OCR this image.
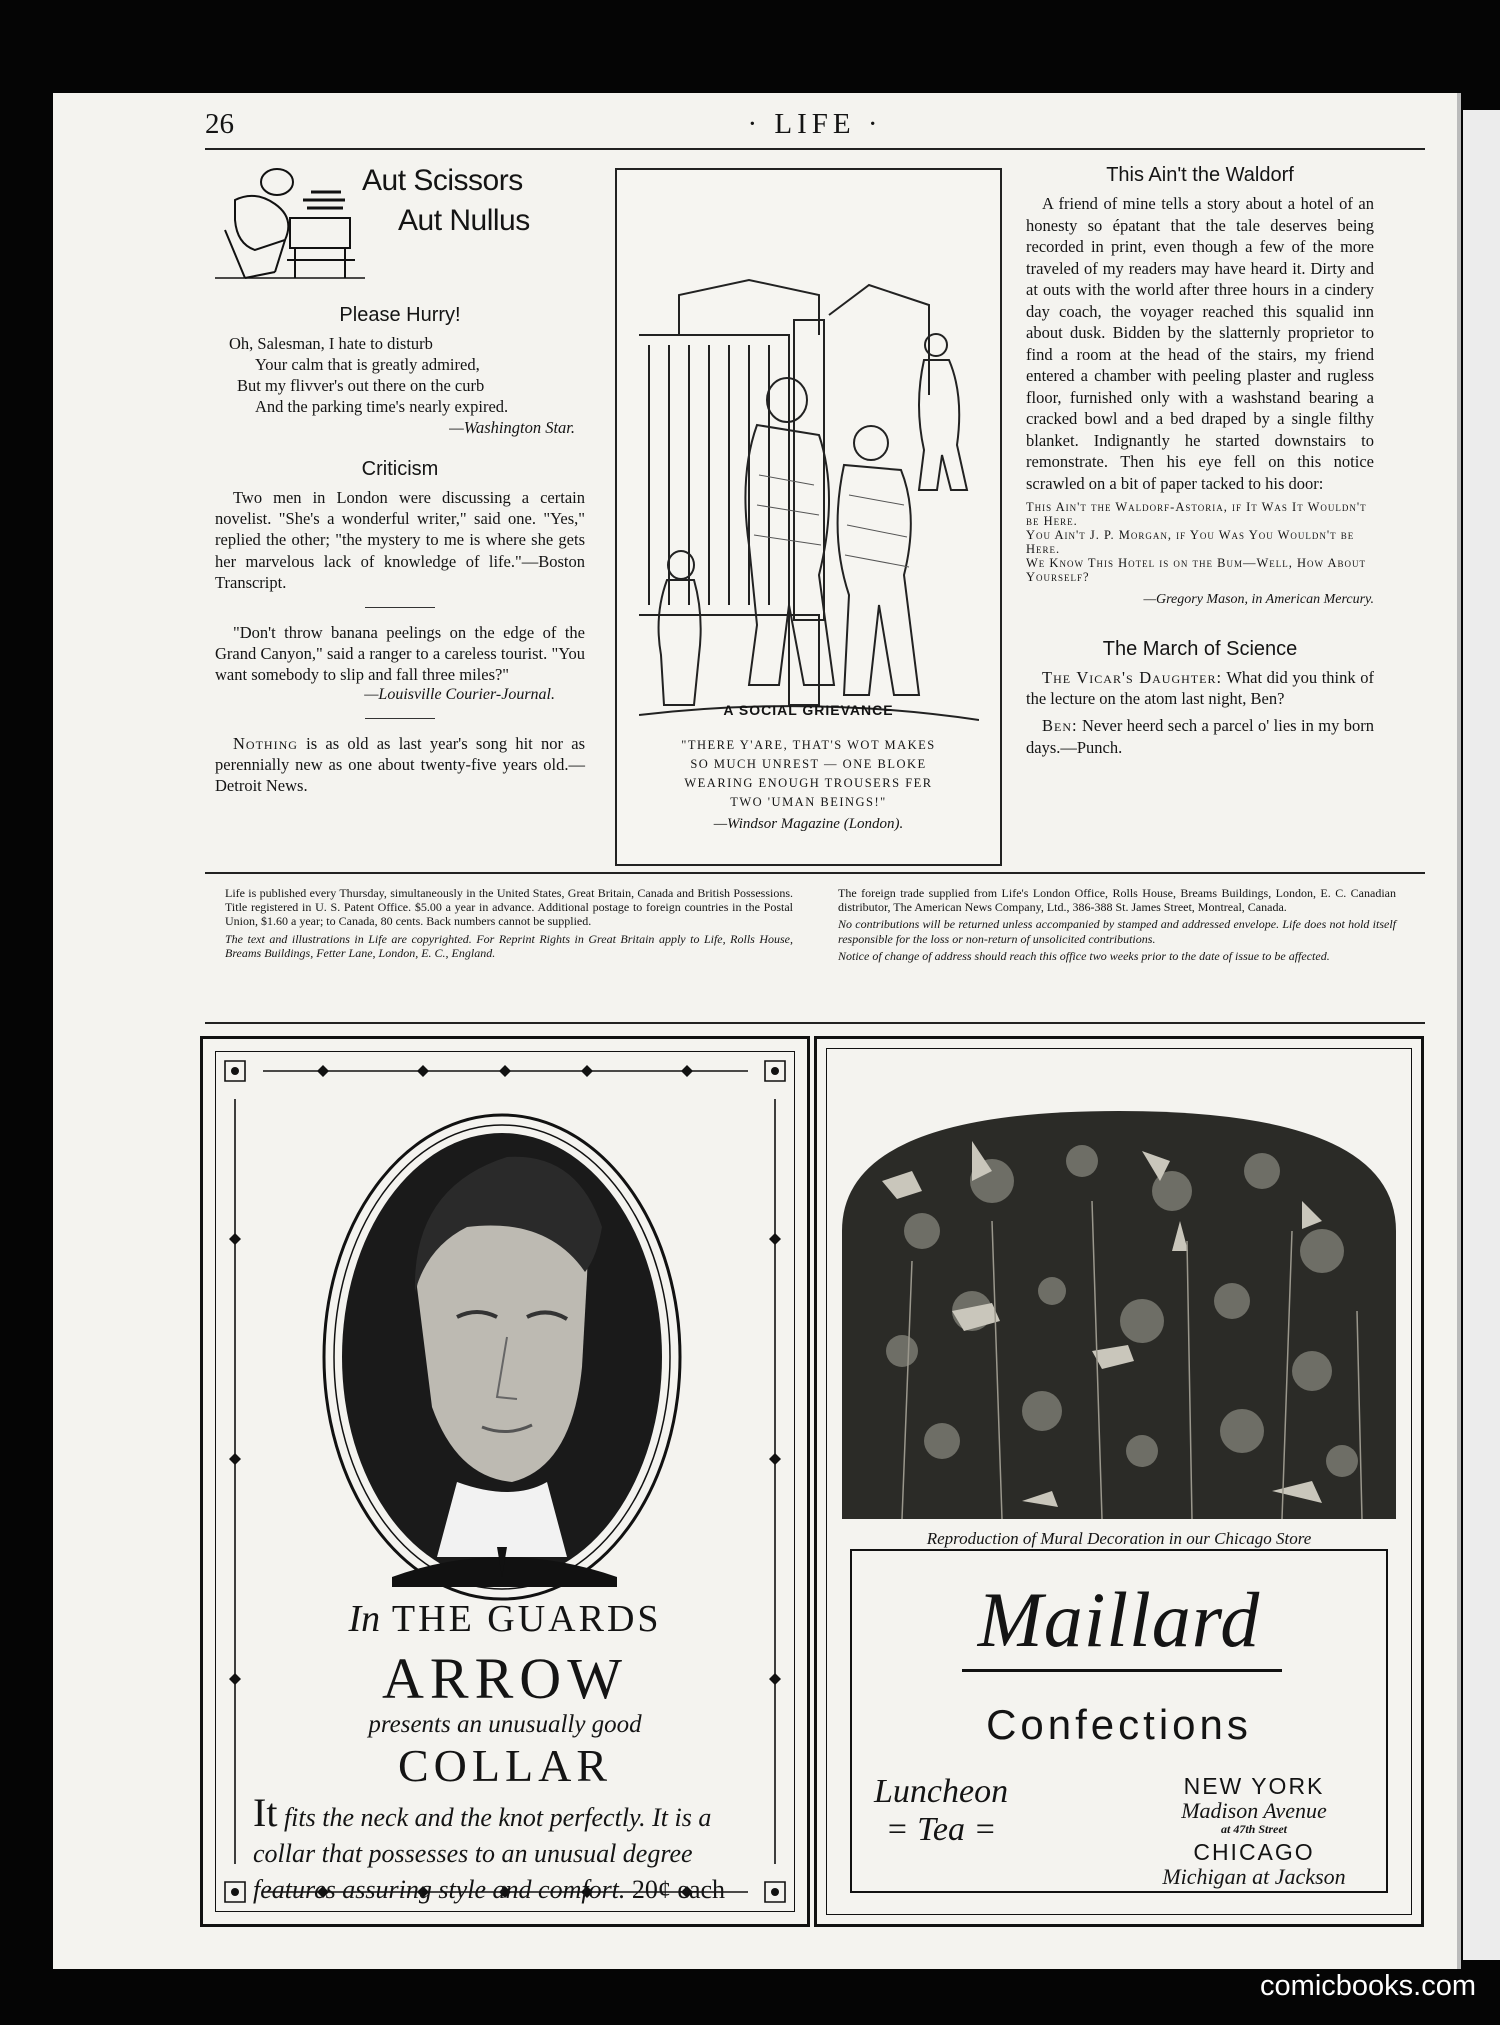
26	· LIFE ·
Aut Scissors
Aut Nullus
Please Hurry!
Oh, Salesman, I hate to disturb
Your calm that is greatly admired,
But my flivver's out there on the curb
And the parking time's nearly expired.
—Washington Star.
Criticism

Two men in London were discussing a certain novelist. "She's a wonderful writer," said one. "Yes," replied the other; "the mystery to me is where she gets her marvelous lack of knowledge of life."—Boston Transcript.

"Don't throw banana peelings on the edge of the Grand Canyon," said a ranger to a careless tourist. "You want somebody to slip and fall three miles?"

—Louisville Courier-Journal.

Nothing is as old as last year's song hit nor as perennially new as one about twenty-five years old.—Detroit News.

A SOCIAL GRIEVANCE
"THERE Y'ARE, THAT'S WOT MAKES
SO MUCH UNREST — ONE BLOKE
WEARING ENOUGH TROUSERS FER
TWO 'UMAN BEINGS!"
—Windsor Magazine (London).
This Ain't the Waldorf

A friend of mine tells a story about a hotel of an honesty so épatant that the tale deserves being recorded in print, even though a few of the more traveled of my readers may have heard it. Dirty and at outs with the world after three hours in a cindery day coach, the voyager reached this squalid inn about dusk. Bidden by the slatternly proprietor to find a room at the head of the stairs, my friend entered a chamber with peeling plaster and rugless floor, furnished only with a washstand bearing a cracked bowl and a bed draped by a single filthy blanket. Indignantly he started downstairs to remonstrate. Then his eye fell on this notice scrawled on a bit of paper tacked to his door:

This Ain't the Waldorf-Astoria, if It Was It Wouldn't be Here.
You Ain't J. P. Morgan, if You Was You Wouldn't be Here.
We Know This Hotel is on the Bum—Well, How About Yourself?
—Gregory Mason, in American Mercury.
The March of Science

The Vicar's Daughter: What did you think of the lecture on the atom last night, Ben?

Ben: Never heerd sech a parcel o' lies in my born days.—Punch.

Life is published every Thursday, simultaneously in the United States, Great Britain, Canada and British Possessions. Title registered in U. S. Patent Office. $5.00 a year in advance. Additional postage to foreign countries in the Postal Union, $1.60 a year; to Canada, 80 cents. Back numbers cannot be supplied.

The text and illustrations in Life are copyrighted. For Reprint Rights in Great Britain apply to Life, Rolls House, Breams Buildings, Fetter Lane, London, E. C., England.

The foreign trade supplied from Life's London Office, Rolls House, Breams Buildings, London, E. C. Canadian distributor, The American News Company, Ltd., 386-388 St. James Street, Montreal, Canada.

No contributions will be returned unless accompanied by stamped and addressed envelope. Life does not hold itself responsible for the loss or non-return of unsolicited contributions.

Notice of change of address should reach this office two weeks prior to the date of issue to be affected.

In THE GUARDS
ARROW
presents an unusually good
COLLAR
It fits the neck and the knot perfectly. It is a collar that possesses to an unusual degree features assuring style and comfort. 20¢ each
Reproduction of Mural Decoration in our Chicago Store
Maillard
Confections
Luncheon
= Tea =
NEW YORK
Madison Avenue
at 47th Street
CHICAGO
Michigan at Jackson
comicbooks.com
